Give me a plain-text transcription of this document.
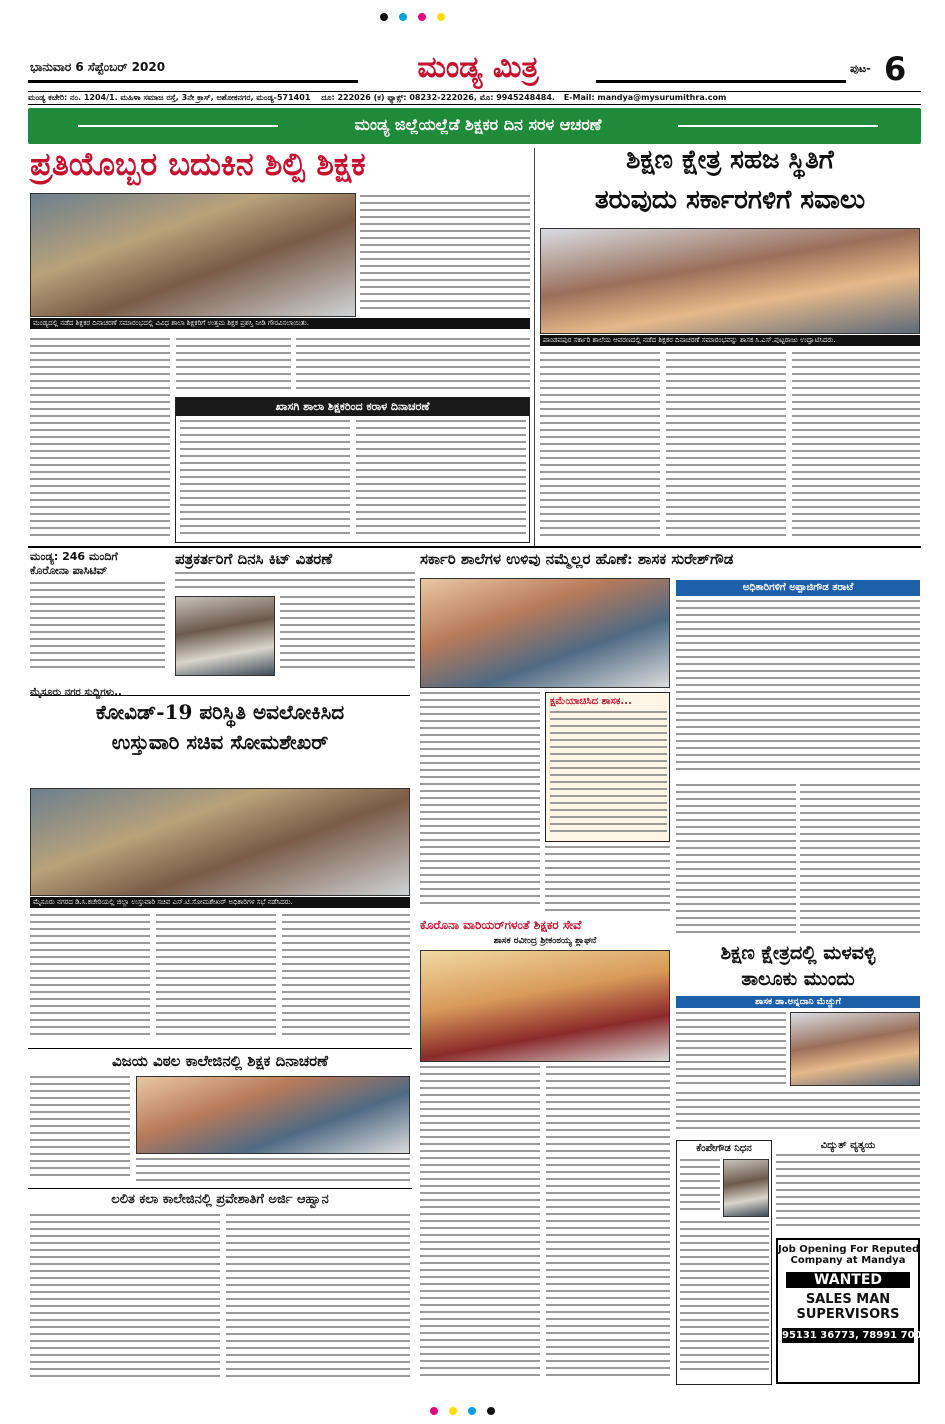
ಭಾನುವಾರ 6 ಸೆಪ್ಟೆಂಬರ್ 2020	ಮಂಡ್ಯ ಮಿತ್ರ	ಪುಟ- 6
ಮಂಡ್ಯ ಕಚೇರಿ: ನಂ. 1204/1. ಮಹಿಳಾ ಸಮಾಜ ರಸ್ತೆ, 3ನೇ ಕ್ರಾಸ್, ಅಶೋಕನಗರ, ಮಂಡ್ಯ-571401 ದೂ: 222026 (ಕ) ಫ್ಯಾಕ್ಸ್: 08232-222026, ಮೊ: 9945248484. E-Mail: mandya@mysurumithra.com
ಮಂಡ್ಯ ಜಿಲ್ಲೆಯಲ್ಲೆಡೆ ಶಿಕ್ಷಕರ ದಿನ ಸರಳ ಆಚರಣೆ
ಪ್ರತಿಯೊಬ್ಬರ ಬದುಕಿನ ಶಿಲ್ಪಿ ಶಿಕ್ಷಕ
ಮಂಡ್ಯದಲ್ಲಿ ನಡೆದ ಶಿಕ್ಷಕರ ದಿನಾಚರಣೆ ಸಮಾರಂಭದಲ್ಲಿ ವಿವಿಧ ಶಾಲಾ ಶಿಕ್ಷಕರಿಗೆ ಉತ್ತಮ ಶಿಕ್ಷಕ ಪ್ರಶಸ್ತಿ ನೀಡಿ ಗೌರವಿಸಲಾಯಿತು.
ಖಾಸಗಿ ಶಾಲಾ ಶಿಕ್ಷಕರಿಂದ ಕರಾಳ ದಿನಾಚರಣೆ
ಶಿಕ್ಷಣ ಕ್ಷೇತ್ರ ಸಹಜ ಸ್ಥಿತಿಗೆ
ತರುವುದು ಸರ್ಕಾರಗಳಿಗೆ ಸವಾಲು
ಪಾಂಡವಪುರ ಸರ್ಕಾರಿ ಶಾಲೆಯ ಆವರಣದಲ್ಲಿ ನಡೆದ ಶಿಕ್ಷಕರ ದಿನಾಚರಣೆ ಸಮಾರಂಭವನ್ನು ಶಾಸಕ ಸಿ.ಎಸ್.ಪುಟ್ಟರಾಜು ಉದ್ಘಾಟಿಸಿದರು.
ಮಂಡ್ಯ: 246 ಮಂದಿಗೆ
ಕೊರೋನಾ ಪಾಸಿಟಿವ್
ಪತ್ರಕರ್ತರಿಗೆ ದಿನಸಿ ಕಿಟ್ ವಿತರಣೆ	ಸರ್ಕಾರಿ ಶಾಲೆಗಳ ಉಳಿವು ನಮ್ಮೆಲ್ಲರ ಹೊಣೆ: ಶಾಸಕ ಸುರೇಶ್‌ಗೌಡ
ಅಧಿಕಾರಿಗಳಿಗೆ ಅಪ್ಪಾಜಿಗೌಡ ತರಾಟೆ
ಮೈಸೂರು ನಗರ ಸುದ್ದಿಗಳು..
ಕೋವಿಡ್-19 ಪರಿಸ್ಥಿತಿ ಅವಲೋಕಿಸಿದ
ಉಸ್ತುವಾರಿ ಸಚಿವ ಸೋಮಶೇಖರ್
ಮೈಸೂರು ನಗರದ ಡಿ.ಸಿ.ಕಚೇರಿಯಲ್ಲಿ ಜಿಲ್ಲಾ ಉಸ್ತುವಾರಿ ಸಚಿವ ಎಸ್.ಟಿ.ಸೋಮಶೇಖರ್ ಅಧಿಕಾರಿಗಳ ಸಭೆ ನಡೆಸಿದರು.
ಕ್ಷಮೆಯಾಚಿಸಿದ ಶಾಸಕ...
ಕೊರೊನಾ ವಾರಿಯರ್‌ಗಳಂತೆ ಶಿಕ್ಷಕರ ಸೇವೆ
ಶಾಸಕ ರವೀಂದ್ರ ಶ್ರೀಕಂಠಯ್ಯ ಶ್ಲಾಘನೆ
ಶಿಕ್ಷಣ ಕ್ಷೇತ್ರದಲ್ಲಿ ಮಳವಳ್ಳಿ
ತಾಲೂಕು ಮುಂದು
ಶಾಸಕ ಡಾ.ಅನ್ನದಾನಿ ಮೆಚ್ಚುಗೆ
ವಿಜಯ ವಿಠಲ ಕಾಲೇಜಿನಲ್ಲಿ ಶಿಕ್ಷಕ ದಿನಾಚರಣೆ
ಲಲಿತ ಕಲಾ ಕಾಲೇಜಿನಲ್ಲಿ ಪ್ರವೇಶಾತಿಗೆ ಅರ್ಜಿ ಆಹ್ವಾನ
ಕೆಂಪೇಗೌಡ ನಿಧನ	ವಿದ್ಯುತ್ ವ್ಯತ್ಯಯ
Job Opening For Reputed
Company at Mandya
WANTED
SALES MAN
SUPERVISORS
95131 36773, 78991 70001
